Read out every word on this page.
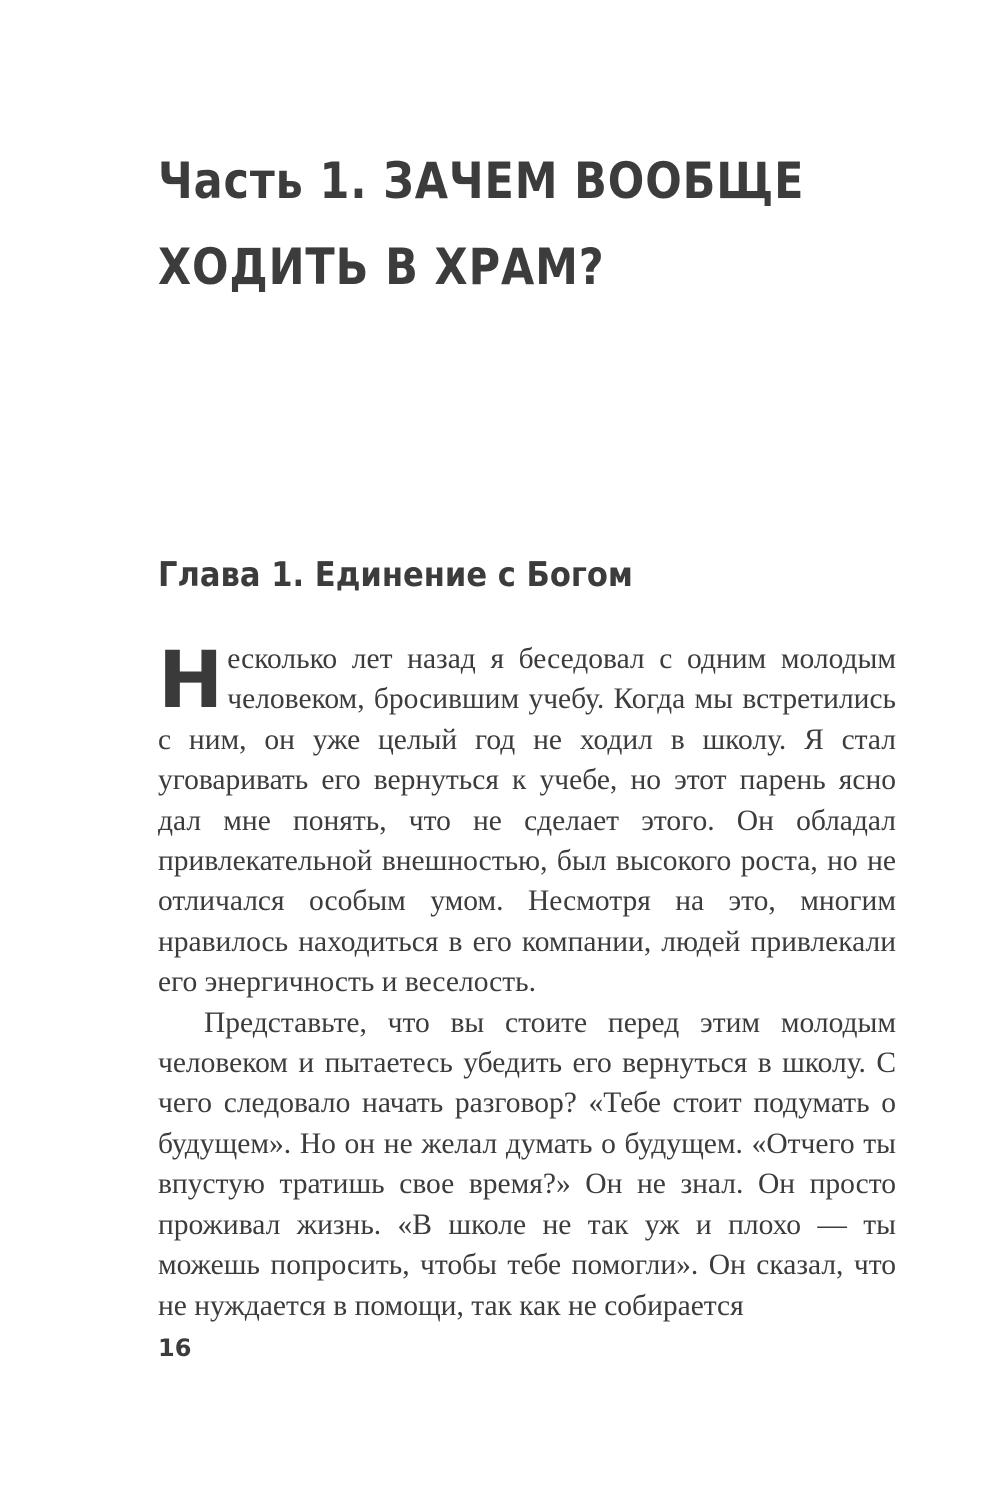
Часть 1. ЗАЧЕМ ВООБЩЕ ХОДИТЬ В ХРАМ?
Глава 1. Единение с Богом

Несколько лет назад я беседовал с одним молодым человеком, бросившим учебу. Когда мы встретились с ним, он уже целый год не ходил в школу. Я стал уговаривать его вернуться к учебе, но этот парень ясно дал мне понять, что не сделает этого. Он обладал привлекательной внешностью, был высокого роста, но не отличался особым умом. Несмотря на это, многим нравилось находиться в его компании, людей привлекали его энергичность и веселость.

Представьте, что вы стоите перед этим молодым человеком и пытаетесь убедить его вернуться в школу. С чего следовало начать разговор? «Тебе стоит подумать о будущем». Но он не желал думать о будущем. «Отчего ты впустую тратишь свое время?» Он не знал. Он просто проживал жизнь. «В школе не так уж и плохо — ты можешь попросить, чтобы тебе помогли». Он сказал, что не нуждается в помощи, так как не собирается

16
